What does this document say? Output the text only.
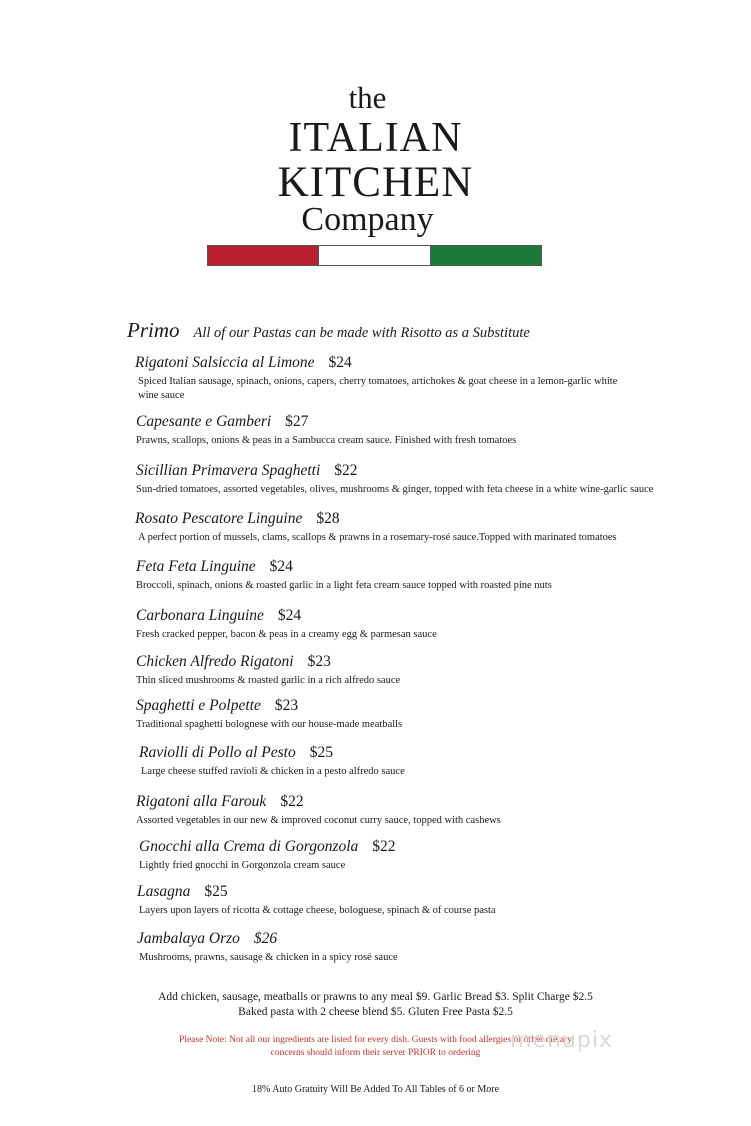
the
ITALIAN
KITCHEN
Company
Primo All of our Pastas can be made with Risotto as a Substitute
Rigatoni Salsiccia al Limone $24
Spiced Italian sausage, spinach, onions, capers, cherry tomatoes, artichokes & goat cheese in a lemon-garlic white wine sauce
Capesante e Gamberi $27
Prawns, scallops, onions & peas in a Sambucca cream sauce. Finished with fresh tomatoes
Sicillian Primavera Spaghetti $22
Sun-dried tomatoes, assorted vegetables, olives, mushrooms & ginger, topped with feta cheese in a white wine-garlic sauce
Rosato Pescatore Linguine $28
A perfect portion of mussels, clams, scallops & prawns in a rosemary-rosé sauce.Topped with marinated tomatoes
Feta Feta Linguine $24
Broccoli, spinach, onions & roasted garlic in a light feta cream sauce topped with roasted pine nuts
Carbonara Linguine $24
Fresh cracked pepper, bacon & peas in a creamy egg & parmesan sauce
Chicken Alfredo Rigatoni $23
Thin sliced mushrooms & roasted garlic in a rich alfredo sauce
Spaghetti e Polpette $23
Traditional spaghetti bolognese with our house-made meatballs
Raviolli di Pollo al Pesto $25
Large cheese stuffed ravioli & chicken in a pesto alfredo sauce
Rigatoni alla Farouk $22
Assorted vegetables in our new & improved coconut curry sauce, topped with cashews
Gnocchi alla Crema di Gorgonzola $22
Lightly fried gnocchi in Gorgonzola cream sauce
Lasagna $25
Layers upon layers of ricotta & cottage cheese, bologuese, spinach & of course pasta
Jambalaya Orzo $26
Mushrooms, prawns, sausage & chicken in a spicy rosé sauce
Add chicken, sausage, meatballs or prawns to any meal $9. Garlic Bread $3. Split Charge $2.5
Baked pasta with 2 cheese blend $5. Gluten Free Pasta $2.5
Please Note: Not all our ingredients are listed for every dish. Guests with food allergies or other dietary
concerns should inform their server PRIOR to ordering	menupix
18% Auto Gratuity Will Be Added To All Tables of 6 or More
